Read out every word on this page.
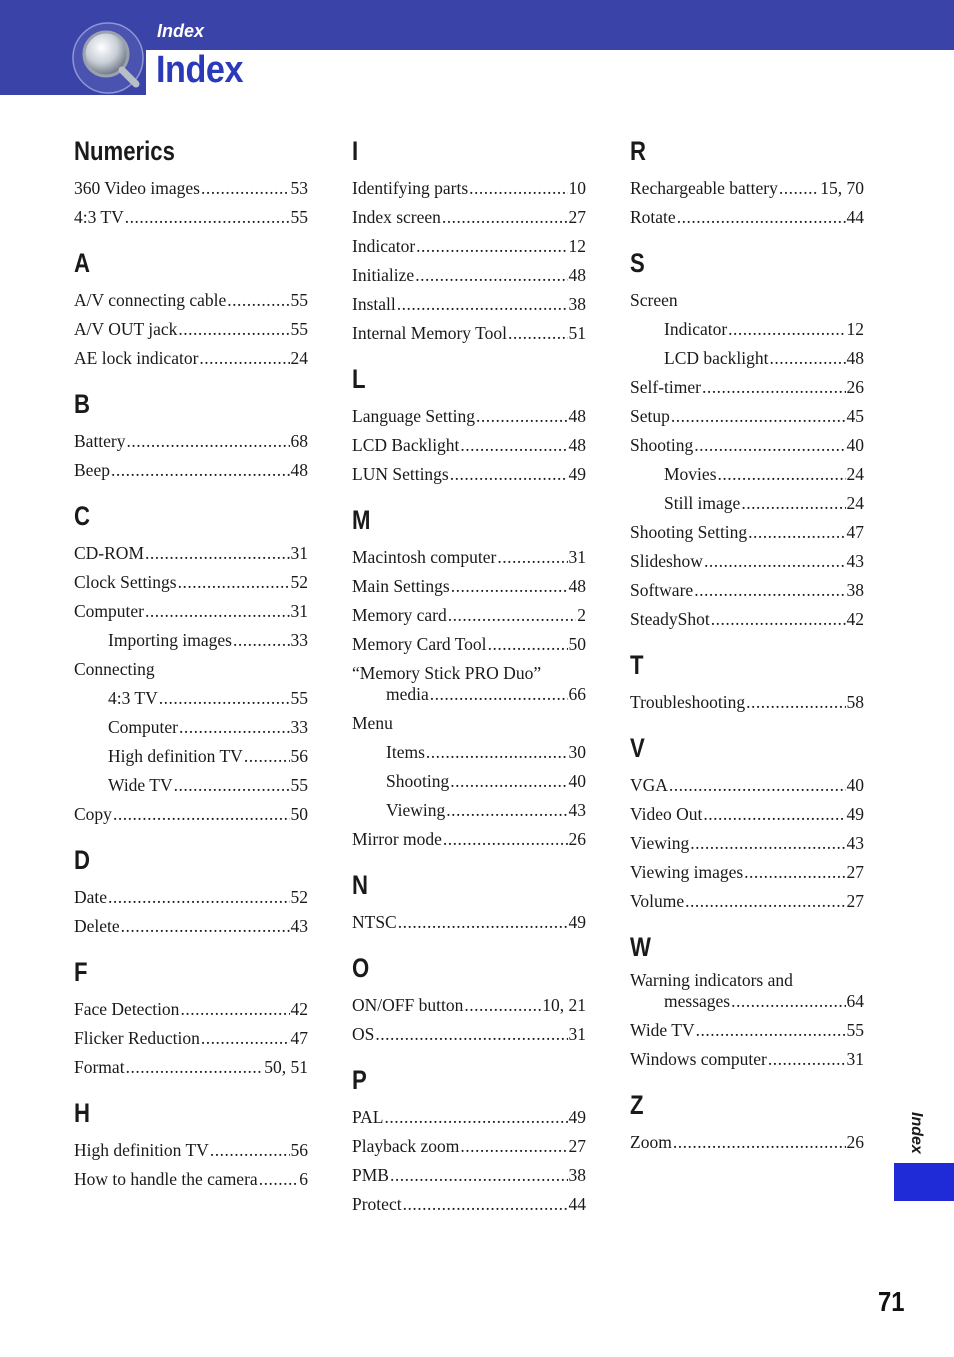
Index
Index
Numerics
360 Video images .....	53
4:3 TV .....	55
A
A/V connecting cable .....	55
A/V OUT jack .....	55
AE lock indicator .....	24
B
Battery .....	68
Beep .....	48
C
CD-ROM .....	31
Clock Settings .....	52
Computer .....	31
Importing images .....	33
Connecting
4:3 TV .....	55
Computer .....	33
High definition TV .....	56
Wide TV .....	55
Copy .....	50
D
Date .....	52
Delete .....	43
F
Face Detection .....	42
Flicker Reduction .....	47
Format .....	50, 51
H
High definition TV .....	56
How to handle the camera ..... 6
I
Identifying parts .....	10
Index screen .....	27
Indicator .....	12
Initialize .....	48
Install .....	38
Internal Memory Tool .....	51
L
Language Setting .....	48
LCD Backlight .....	48
LUN Settings .....	49
M
Macintosh computer .....	31
Main Settings .....	48
Memory card .....	2
Memory Card Tool .....	50
“Memory Stick PRO Duo”
media .....	66
Menu
Items .....	30
Shooting .....	40
Viewing .....	43
Mirror mode .....	26
N
NTSC .....	49
O
ON/OFF button .....	10, 21
OS .....	31
P
PAL .....	49
Playback zoom .....	27
PMB .....	38
Protect .....	44
R
Rechargeable battery ..... 15, 70
Rotate .....	44
S
Screen
Indicator .....	12
LCD backlight .....	48
Self-timer .....	26
Setup .....	45
Shooting .....	40
Movies .....	24
Still image .....	24
Shooting Setting .....	47
Slideshow .....	43
Software .....	38
SteadyShot .....	42
T
Troubleshooting .....	58
V
VGA .....	40
Video Out .....	49
Viewing .....	43
Viewing images .....	27
Volume .....	27
W
Warning indicators and
messages .....	64
Wide TV .....	55
Windows computer .....	31
Z
Zoom .....	26	Index
71
